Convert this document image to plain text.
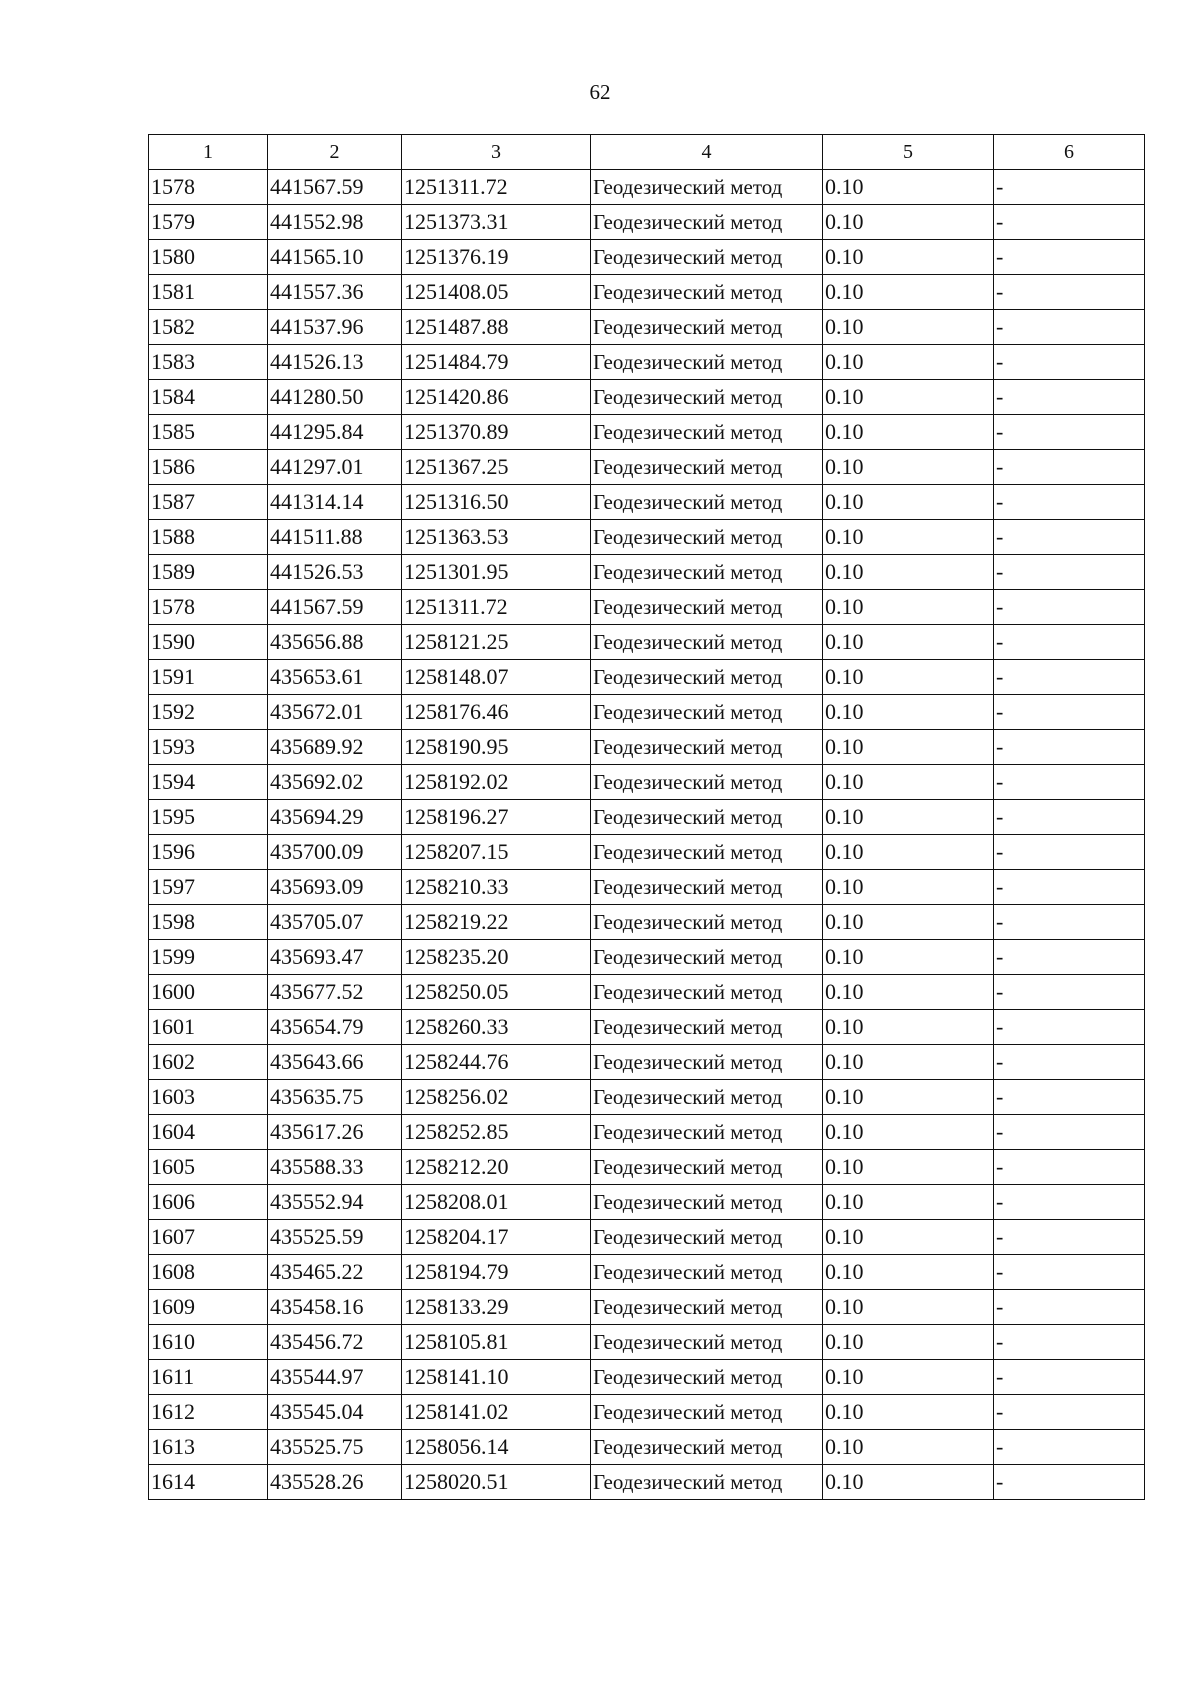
62
1	2	3	4	5	6
1578	441567.59	1251311.72	Геодезический метод	0.10	-
1579	441552.98	1251373.31	Геодезический метод	0.10	-
1580	441565.10	1251376.19	Геодезический метод	0.10	-
1581	441557.36	1251408.05	Геодезический метод	0.10	-
1582	441537.96	1251487.88	Геодезический метод	0.10	-
1583	441526.13	1251484.79	Геодезический метод	0.10	-
1584	441280.50	1251420.86	Геодезический метод	0.10	-
1585	441295.84	1251370.89	Геодезический метод	0.10	-
1586	441297.01	1251367.25	Геодезический метод	0.10	-
1587	441314.14	1251316.50	Геодезический метод	0.10	-
1588	441511.88	1251363.53	Геодезический метод	0.10	-
1589	441526.53	1251301.95	Геодезический метод	0.10	-
1578	441567.59	1251311.72	Геодезический метод	0.10	-
1590	435656.88	1258121.25	Геодезический метод	0.10	-
1591	435653.61	1258148.07	Геодезический метод	0.10	-
1592	435672.01	1258176.46	Геодезический метод	0.10	-
1593	435689.92	1258190.95	Геодезический метод	0.10	-
1594	435692.02	1258192.02	Геодезический метод	0.10	-
1595	435694.29	1258196.27	Геодезический метод	0.10	-
1596	435700.09	1258207.15	Геодезический метод	0.10	-
1597	435693.09	1258210.33	Геодезический метод	0.10	-
1598	435705.07	1258219.22	Геодезический метод	0.10	-
1599	435693.47	1258235.20	Геодезический метод	0.10	-
1600	435677.52	1258250.05	Геодезический метод	0.10	-
1601	435654.79	1258260.33	Геодезический метод	0.10	-
1602	435643.66	1258244.76	Геодезический метод	0.10	-
1603	435635.75	1258256.02	Геодезический метод	0.10	-
1604	435617.26	1258252.85	Геодезический метод	0.10	-
1605	435588.33	1258212.20	Геодезический метод	0.10	-
1606	435552.94	1258208.01	Геодезический метод	0.10	-
1607	435525.59	1258204.17	Геодезический метод	0.10	-
1608	435465.22	1258194.79	Геодезический метод	0.10	-
1609	435458.16	1258133.29	Геодезический метод	0.10	-
1610	435456.72	1258105.81	Геодезический метод	0.10	-
1611	435544.97	1258141.10	Геодезический метод	0.10	-
1612	435545.04	1258141.02	Геодезический метод	0.10	-
1613	435525.75	1258056.14	Геодезический метод	0.10	-
1614	435528.26	1258020.51	Геодезический метод	0.10	-
